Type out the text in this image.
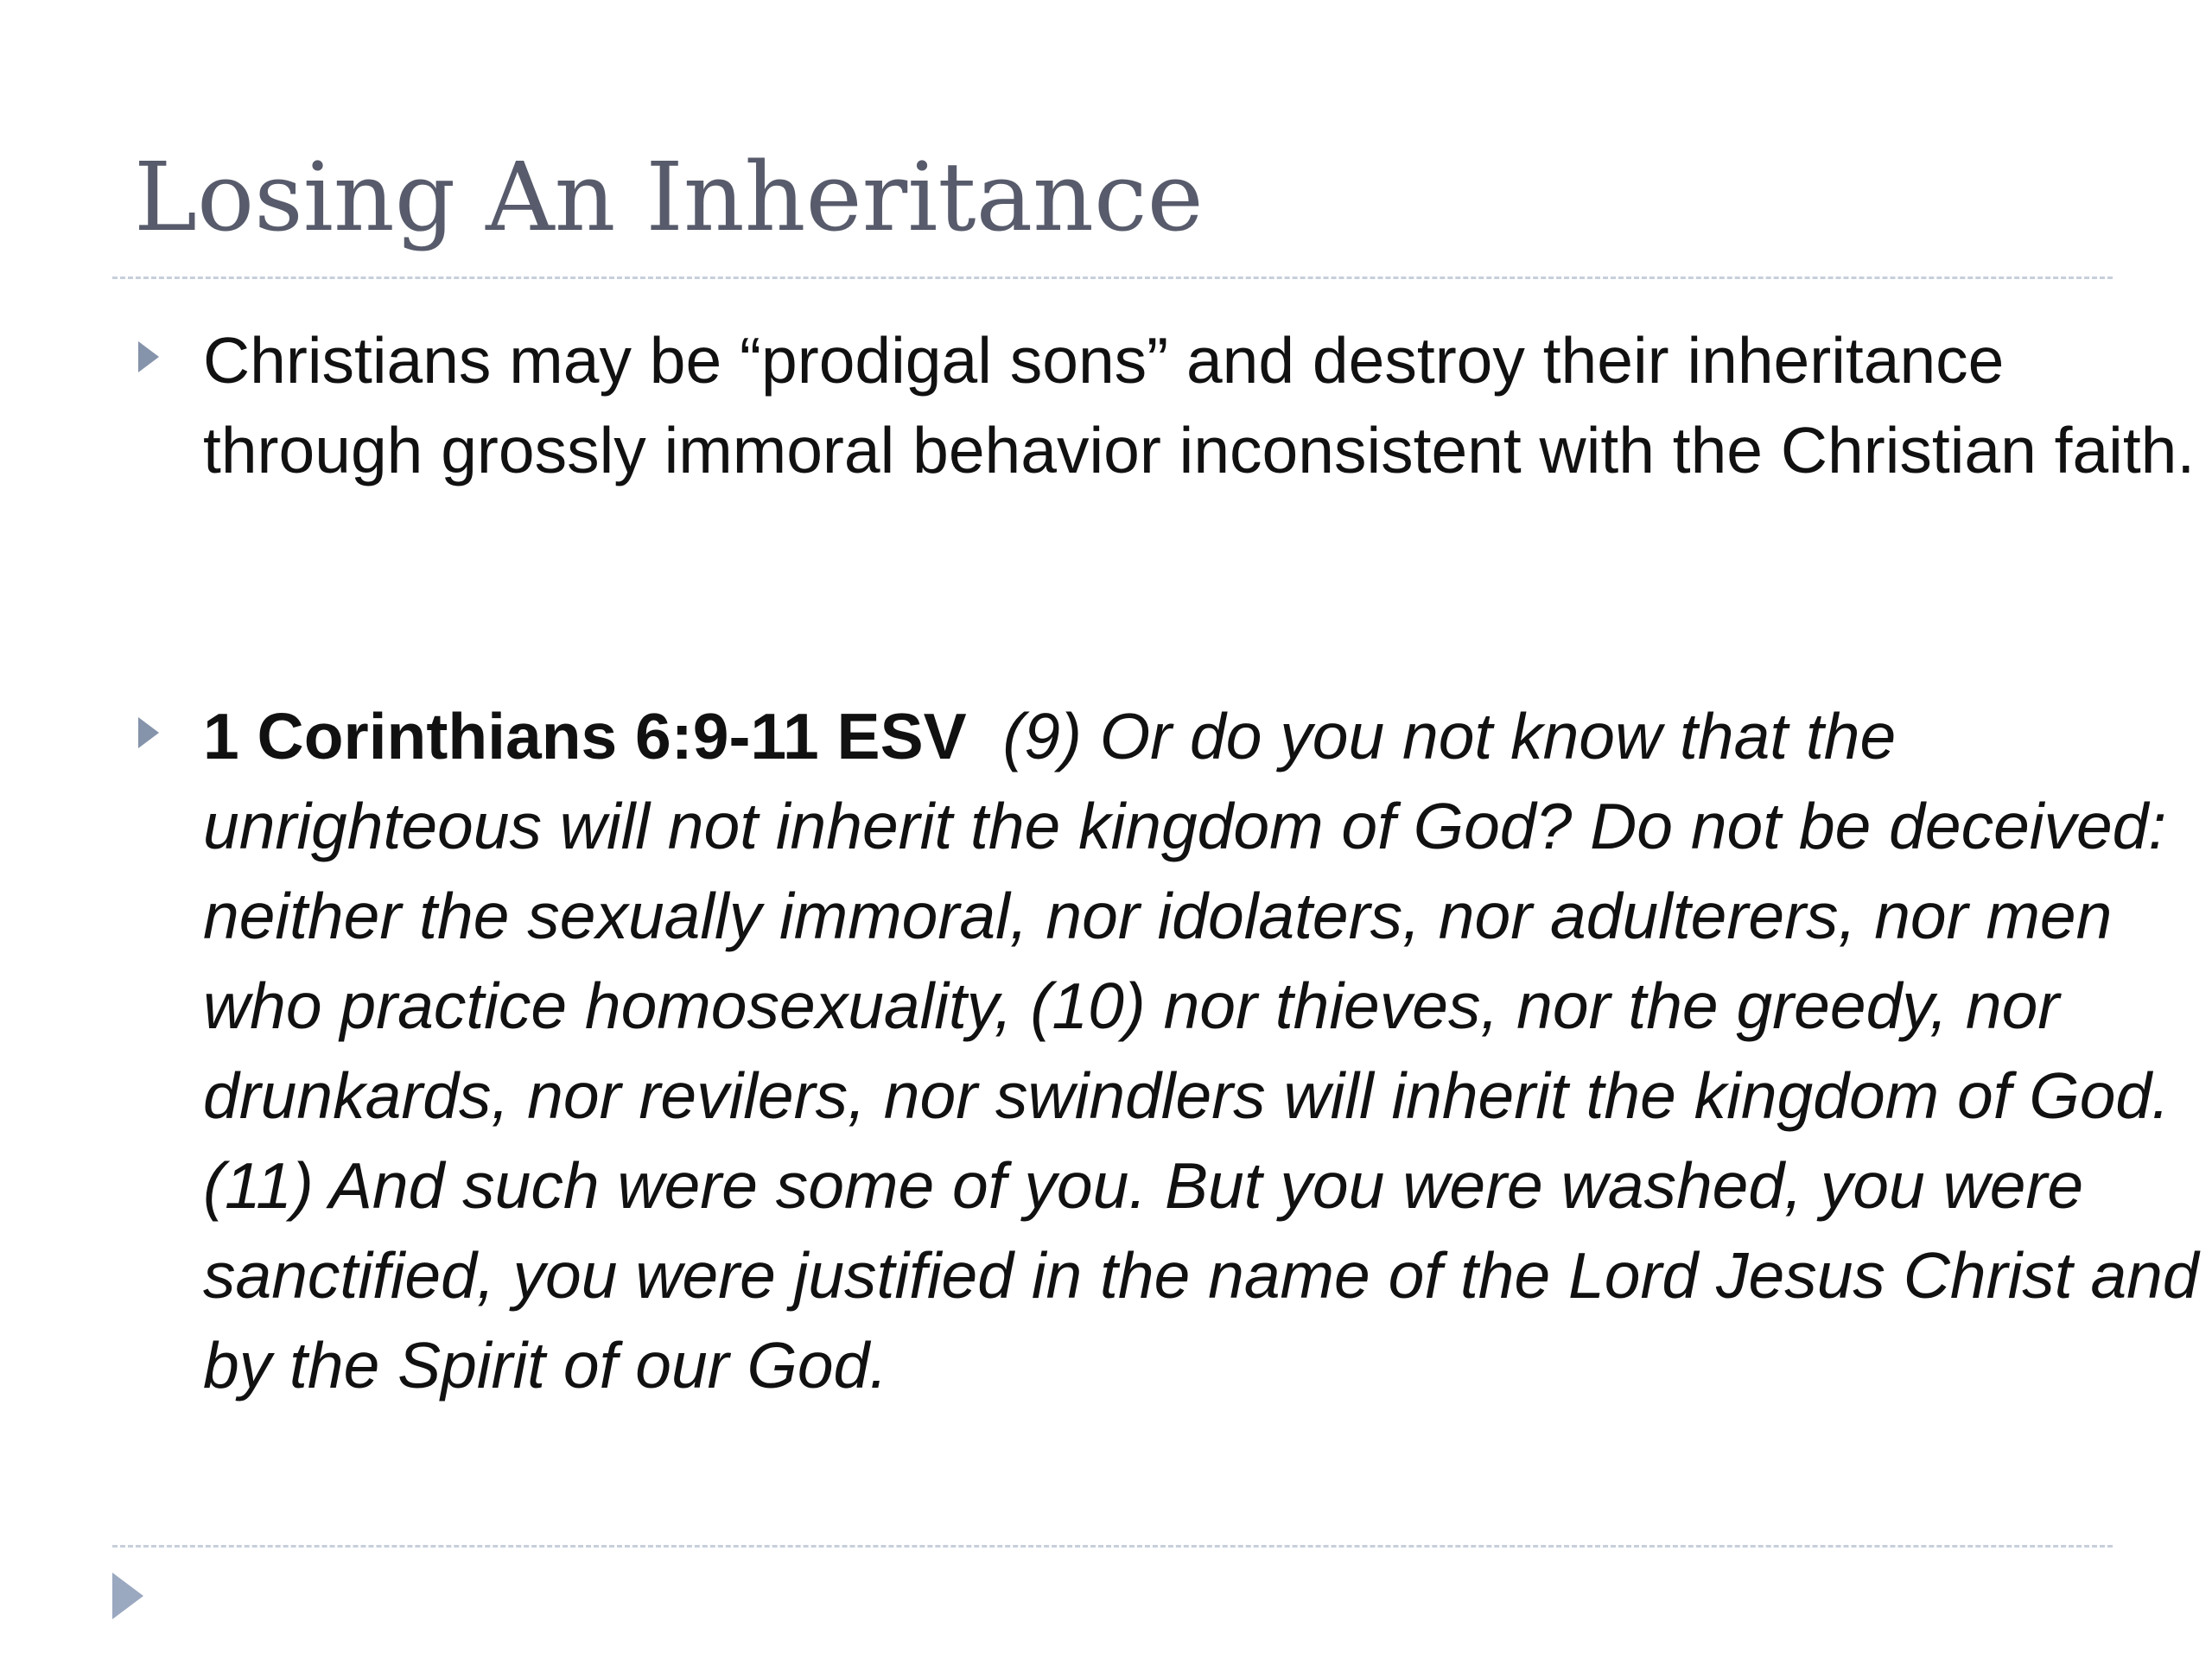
Losing An Inheritance
Christians may be “prodigal sons” and destroy their inheritance through grossly immoral behavior inconsistent with the Christian faith.
1 Corinthians 6:9-11 ESV (9) Or do you not know that the unrighteous will not inherit the kingdom of God? Do not be deceived: neither the sexually immoral, nor idolaters, nor adulterers, nor men who practice homosexuality, (10) nor thieves, nor the greedy, nor drunkards, nor revilers, nor swindlers will inherit the kingdom of God. (11) And such were some of you. But you were washed, you were sanctified, you were justified in the name of the Lord Jesus Christ and by the Spirit of our God.
